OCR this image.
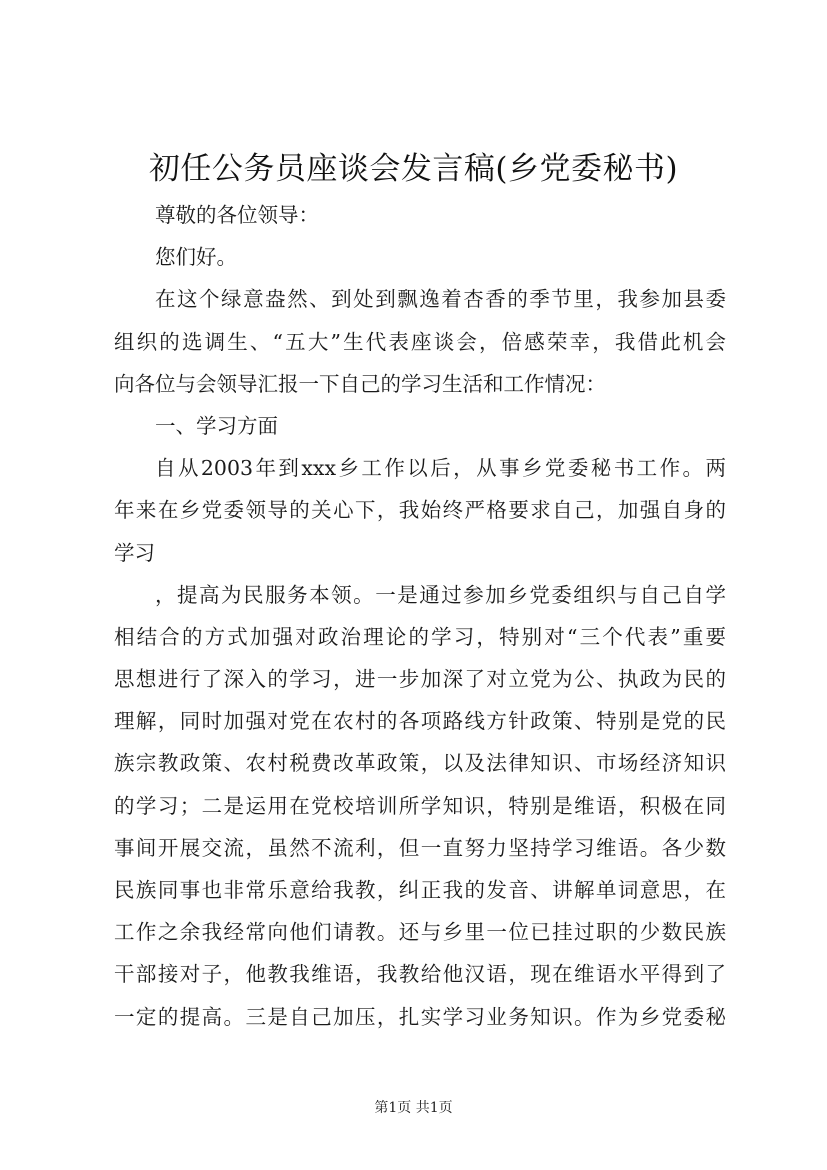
初任公务员座谈会发言稿(乡党委秘书)
尊敬的各位领导：
您们好。
在这个绿意盎然、到处到飘逸着杏香的季节里，我参加县委
组织的选调生、“五大”生代表座谈会，倍感荣幸，我借此机会
向各位与会领导汇报一下自己的学习生活和工作情况：
一、学习方面
自从2003年到xxx乡工作以后，从事乡党委秘书工作。两
年来在乡党委领导的关心下，我始终严格要求自己，加强自身的
学习
，提高为民服务本领。一是通过参加乡党委组织与自己自学
相结合的方式加强对政治理论的学习，特别对“三个代表”重要
思想进行了深入的学习，进一步加深了对立党为公、执政为民的
理解，同时加强对党在农村的各项路线方针政策、特别是党的民
族宗教政策、农村税费改革政策，以及法律知识、市场经济知识
的学习；二是运用在党校培训所学知识，特别是维语，积极在同
事间开展交流，虽然不流利，但一直努力坚持学习维语。各少数
民族同事也非常乐意给我教，纠正我的发音、讲解单词意思，在
工作之余我经常向他们请教。还与乡里一位已挂过职的少数民族
干部接对子，他教我维语，我教给他汉语，现在维语水平得到了
一定的提高。三是自己加压，扎实学习业务知识。作为乡党委秘
第1页 共1页
